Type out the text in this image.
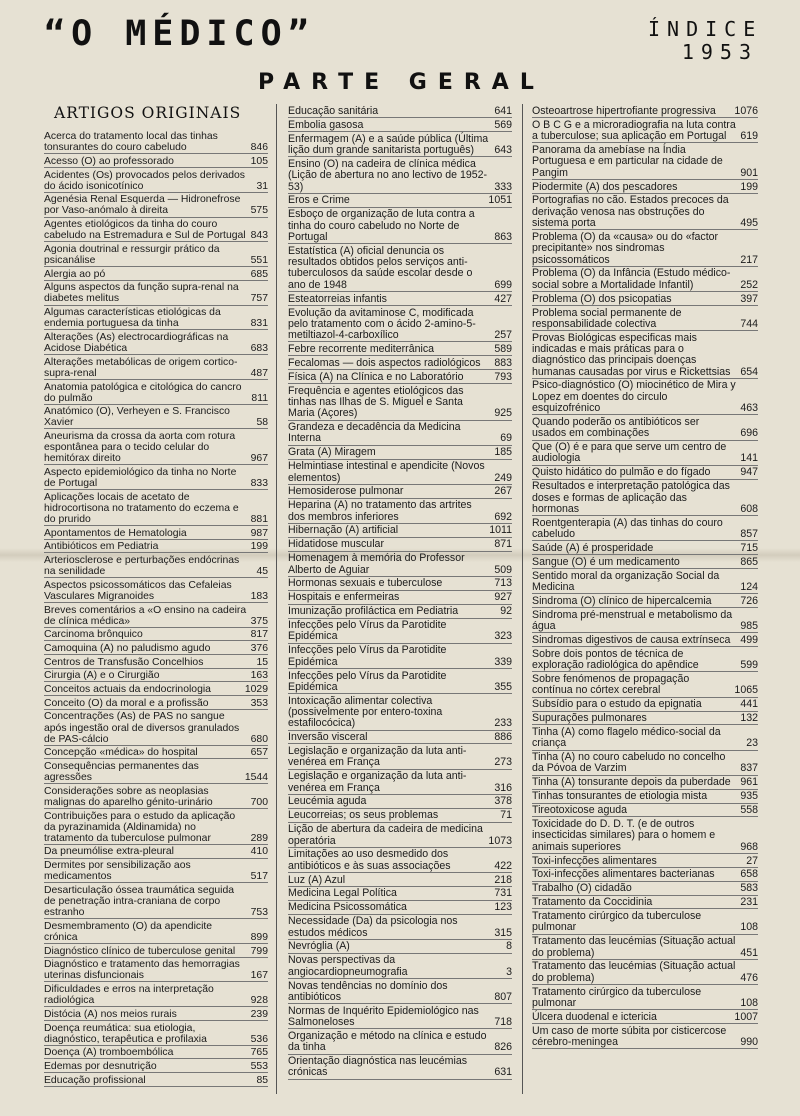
“O MÉDICO”	ÍNDICE
1953
PARTE GERAL
ARTIGOS ORIGINAIS
Acerca do tratamento local das tinhas tonsurantes do couro cabeludo	846
Acesso (O) ao professorado	105
Acidentes (Os) provocados pelos derivados do ácido isonicotínico	31
Agenésia Renal Esquerda — Hidronefrose por Vaso-anómalo à direita	575
Agentes etiológicos da tinha do couro cabeludo na Estremadura e Sul de Portugal 843
Agonia doutrinal e ressurgir prático da psicanálise	551
Alergia ao pó	685
Alguns aspectos da função supra-renal na diabetes melitus	757
Algumas características etiológicas da endemia portuguesa da tinha	831
Alterações (As) electrocardiográficas na Acidose Diabética	683
Alterações metabólicas de origem cortico-supra-renal	487
Anatomia patológica e citológica do cancro do pulmão	811
Anatómico (O), Verheyen e S. Francisco Xavier	58
Aneurisma da crossa da aorta com rotura espontânea para o tecido celular do hemitórax direito	967
Aspecto epidemiológico da tinha no Norte de Portugal	833
Aplicações locais de acetato de hidrocortisona no tratamento do eczema e do prurido	881
Apontamentos de Hematologia	987
Antibióticos em Pediatria	199
Arteriosclerose e perturbações endócrinas na senilidade	45
Aspectos psicossomáticos das Cefaleias Vasculares Migranoides	183
Breves comentários a «O ensino na cadeira de clínica médica»	375
Carcinoma brônquico	817
Camoquina (A) no paludismo agudo	376
Centros de Transfusão Concelhios	15
Cirurgia (A) e o Cirurgião	163
Conceitos actuais da endocrinologia	1029
Conceito (O) da moral e a profissão	353
Concentrações (As) de PAS no sangue após ingestão oral de diversos granulados de PAS-cálcio	680
Concepção «médica» do hospital	657
Consequências permanentes das agressões	1544
Considerações sobre as neoplasias malignas do aparelho génito-urinário	700
Contribuições para o estudo da aplicação da pyrazinamida (Aldinamida) no tratamento da tuberculose pulmonar	289
Da pneumólise extra-pleural	410
Dermites por sensibilização aos medicamentos	517
Desarticulação óssea traumática seguida de penetração intra-craniana de corpo estranho	753
Desmembramento (O) da apendicite crónica	899
Diagnóstico clínico de tuberculose genital	799
Diagnóstico e tratamento das hemorragias uterinas disfuncionais	167
Dificuldades e erros na interpretação radiológica	928
Distócia (A) nos meios rurais	239
Doença reumática: sua etiologia, diagnóstico, terapêutica e profilaxia	536
Doença (A) tromboembólica	765
Edemas por desnutrição	553
Educação profissional	85
Educação sanitária	641
Embolia gasosa	569
Enfermagem (A) e a saúde pública (Última lição dum grande sanitarista português)	643
Ensino (O) na cadeira de clínica médica (Lição de abertura no ano lectivo de 1952-53)	333
Eros e Crime	1051
Esboço de organização de luta contra a tinha do couro cabeludo no Norte de Portugal	863
Estatística (A) oficial denuncia os resultados obtidos pelos serviços anti-tuberculosos da saúde escolar desde o ano de 1948	699
Esteatorreias infantis	427
Evolução da avitaminose C, modificada pelo tratamento com o ácido 2-amino-5-metiltiazol-4-carboxílico	257
Febre recorrente mediterrânica	589
Fecalomas — dois aspectos radiológicos	883
Física (A) na Clínica e no Laboratório	793
Frequência e agentes etiológicos das tinhas nas Ilhas de S. Miguel e Santa Maria (Açores)	925
Grandeza e decadência da Medicina Interna	69
Grata (A) Miragem	185
Helmintiase intestinal e apendicite (Novos elementos)	249
Hemosiderose pulmonar	267
Heparina (A) no tratamento das artrites dos membros inferiores	692
Hibernação (A) artificial	1011
Hidatidose muscular	871
Homenagem à memória do Professor Alberto de Aguiar	509
Hormonas sexuais e tuberculose	713
Hospitais e enfermeiras	927
Imunização profiláctica em Pediatria	92
Infecções pelo Vírus da Parotidite Epidémica	323
Infecções pelo Vírus da Parotidite Epidémica	339
Infecções pelo Vírus da Parotidite Epidémica	355
Intoxicação alimentar colectiva (possivelmente por entero-toxina estafilocócica)	233
Inversão visceral	886
Legislação e organização da luta anti-venérea em França	273
Legislação e organização da luta anti-venérea em França	316
Leucémia aguda	378
Leucorreias; os seus problemas	71
Lição de abertura da cadeira de medicina operatória	1073
Limitações ao uso desmedido dos antibióticos e às suas associações	422
Luz (A) Azul	218
Medicina Legal Política	731
Medicina Psicossomática	123
Necessidade (Da) da psicologia nos estudos médicos	315
Nevróglia (A)	8
Novas perspectivas da angiocardiopneumografia	3
Novas tendências no domínio dos antibióticos	807
Normas de Inquérito Epidemiológico nas Salmoneloses	718
Organização e método na clínica e estudo da tinha	826
Orientação diagnóstica nas leucémias crónicas	631
Osteoartrose hipertrofiante progressiva	1076
O B C G e a microradiografia na luta contra a tuberculose; sua aplicação em Portugal	619
Panorama da amebíase na Índia Portuguesa e em particular na cidade de Pangim	901
Piodermite (A) dos pescadores	199
Portografias no cão. Estados precoces da derivação venosa nas obstruções do sistema porta	495
Problema (O) da «causa» ou do «factor precipitante» nos sindromas psicossomáticos	217
Problema (O) da Infância (Estudo médico-social sobre a Mortalidade Infantil)	252
Problema (O) dos psicopatias	397
Problema social permanente de responsabilidade colectiva	744
Provas Biológicas especificas mais indicadas e mais práticas para o diagnóstico das principais doenças humanas causadas por virus e Rickettsias 654
Psico-diagnóstico (O) miocinético de Mira y Lopez em doentes do circulo esquizofrénico	463
Quando poderão os antibióticos ser usados em combinações	696
Que (O) é e para que serve um centro de audiologia	141
Quisto hidático do pulmão e do fígado	947
Resultados e interpretação patológica das doses e formas de aplicação das hormonas	608
Roentgenterapia (A) das tinhas do couro cabeludo	857
Saúde (A) é prosperidade	715
Sangue (O) é um medicamento	865
Sentido moral da organização Social da Medicina	124
Sindroma (O) clínico de hipercalcemia	726
Sindroma pré-menstrual e metabolismo da água	985
Sindromas digestivos de causa extrínseca 499
Sobre dois pontos de técnica de exploração radiológica do apêndice	599
Sobre fenómenos de propagação contínua no córtex cerebral	1065
Subsídio para o estudo da epignatia	441
Supurações pulmonares	132
Tinha (A) como flagelo médico-social da criança	23
Tinha (A) no couro cabeludo no concelho da Póvoa de Varzim	837
Tinha (A) tonsurante depois da puberdade 961
Tinhas tonsurantes de etiologia mista	935
Tireotoxicose aguda	558
Toxicidade do D. D. T. (e de outros insecticidas similares) para o homem e animais superiores	968
Toxi-infecções alimentares	27
Toxi-infecções alimentares bacterianas	658
Trabalho (O) cidadão	583
Tratamento da Coccidinia	231
Tratamento cirúrgico da tuberculose pulmonar	108
Tratamento das leucémias (Situação actual do problema)	451
Tratamento das leucémias (Situação actual do problema)	476
Tratamento cirúrgico da tuberculose pulmonar	108
Úlcera duodenal e ictericia	1007
Um caso de morte súbita por cisticercose cérebro-meningea	990
